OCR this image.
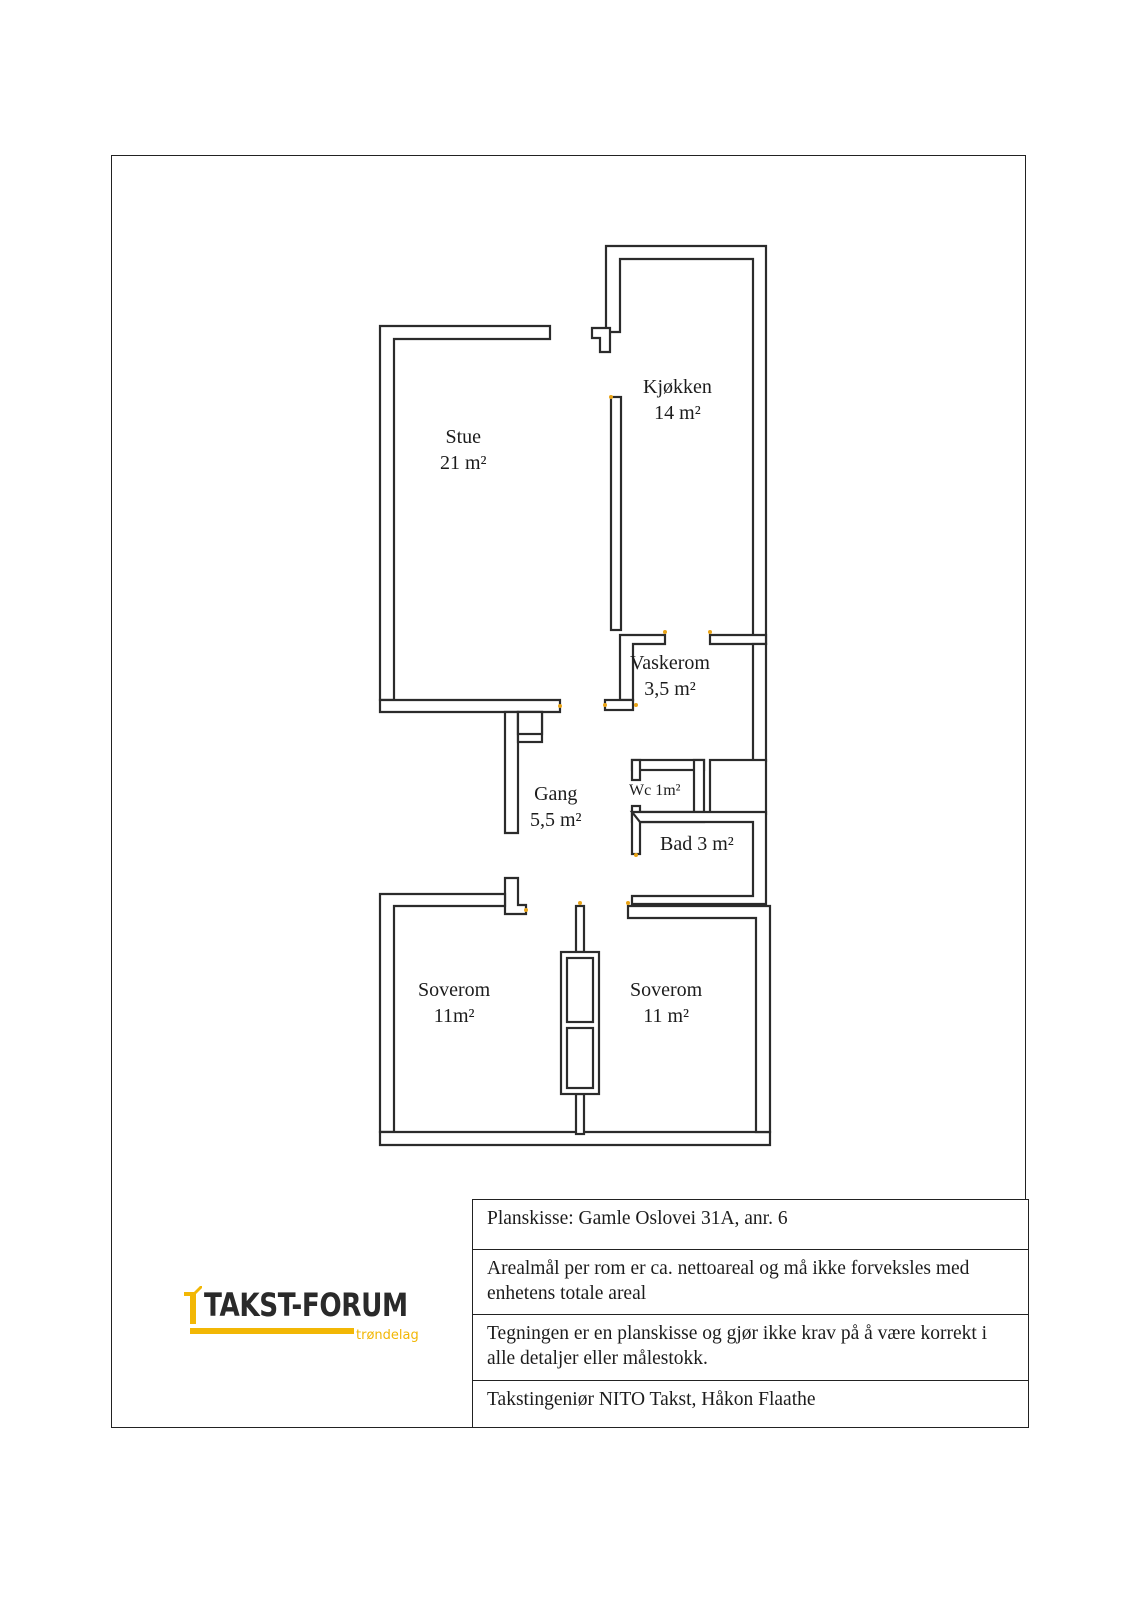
Stue
21 m²
Kjøkken
14 m²
Vaskerom
3,5 m²
Gang
5,5 m²
Wc 1m²
Bad 3 m²
Soverom
11m²
Soverom
11 m²
TAKST-FORUM
trøndelag
Planskisse: Gamle Oslovei 31A, anr. 6
Arealmål per rom er ca. nettoareal og må ikke forveksles med enhetens totale areal
Tegningen er en planskisse og gjør ikke krav på å være korrekt i alle detaljer eller målestokk.
Takstingeniør NITO Takst, Håkon Flaathe
